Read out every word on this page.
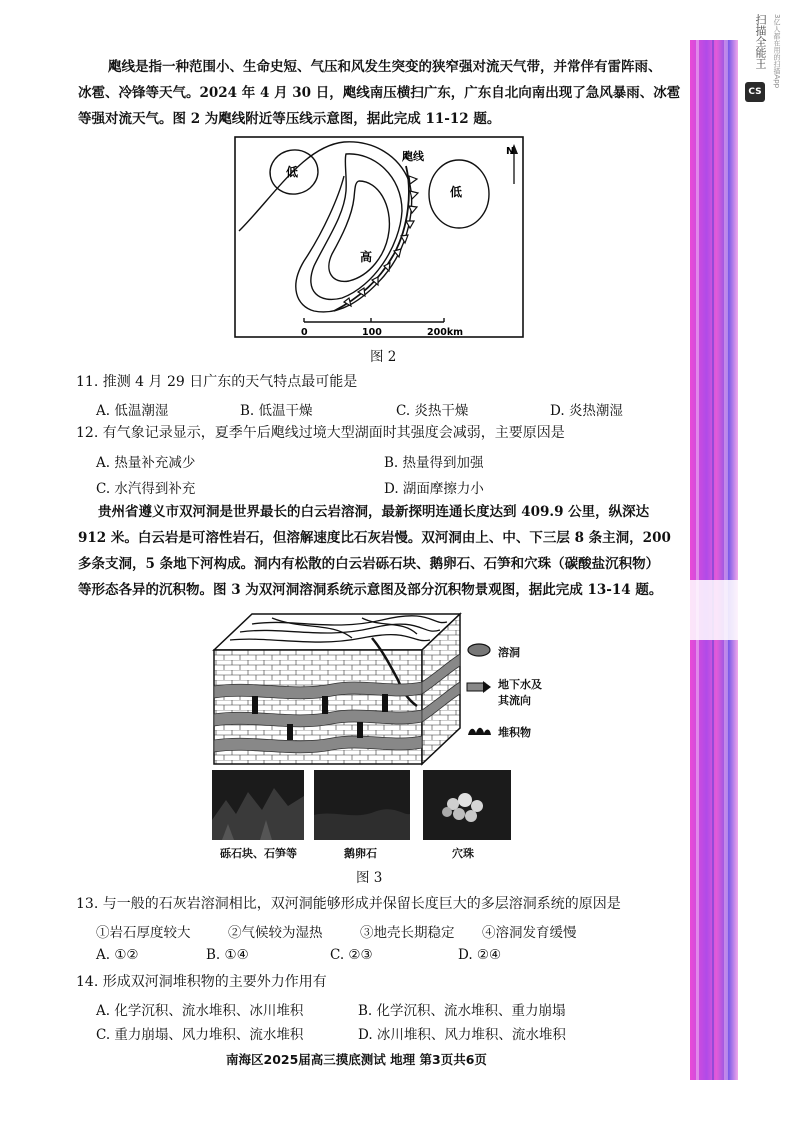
CS
扫描全能王 3亿人都在用的扫描App
飑线是指一种范围小、生命史短、气压和风发生突变的狭窄强对流天气带，并常伴有雷阵雨、
冰雹、冷锋等天气。2024 年 4 月 30 日，飑线南压横扫广东，广东自北向南出现了急风暴雨、冰雹
等强对流天气。图 2 为飑线附近等压线示意图，据此完成 11-12 题。
低
低
高
飑线	N
0	100	200km
图 2
11. 推测 4 月 29 日广东的天气特点最可能是
A. 低温潮湿	B. 低温干燥	C. 炎热干燥	D. 炎热潮湿
12. 有气象记录显示，夏季午后飑线过境大型湖面时其强度会减弱，主要原因是
A. 热量补充减少	B. 热量得到加强
C. 水汽得到补充	D. 湖面摩擦力小
贵州省遵义市双河洞是世界最长的白云岩溶洞，最新探明连通长度达到 409.9 公里，纵深达
912 米。白云岩是可溶性岩石，但溶解速度比石灰岩慢。双河洞由上、中、下三层 8 条主洞，200
多条支洞，5 条地下河构成。洞内有松散的白云岩砾石块、鹅卵石、石笋和穴珠（碳酸盐沉积物）
等形态各异的沉积物。图 3 为双河洞溶洞系统示意图及部分沉积物景观图，据此完成 13-14 题。
溶洞
地下水及
其流向
堆积物
砾石块、石笋等	鹅卵石	穴珠
图 3
13. 与一般的石灰岩溶洞相比，双河洞能够形成并保留长度巨大的多层溶洞系统的原因是
①岩石厚度较大	②气候较为湿热	③地壳长期稳定 ④溶洞发育缓慢
A. ①②	B. ①④	C. ②③	D. ②④
14. 形成双河洞堆积物的主要外力作用有
A. 化学沉积、流水堆积、冰川堆积	B. 化学沉积、流水堆积、重力崩塌
C. 重力崩塌、风力堆积、流水堆积	D. 冰川堆积、风力堆积、流水堆积
南海区2025届高三摸底测试 地理 第3页共6页
